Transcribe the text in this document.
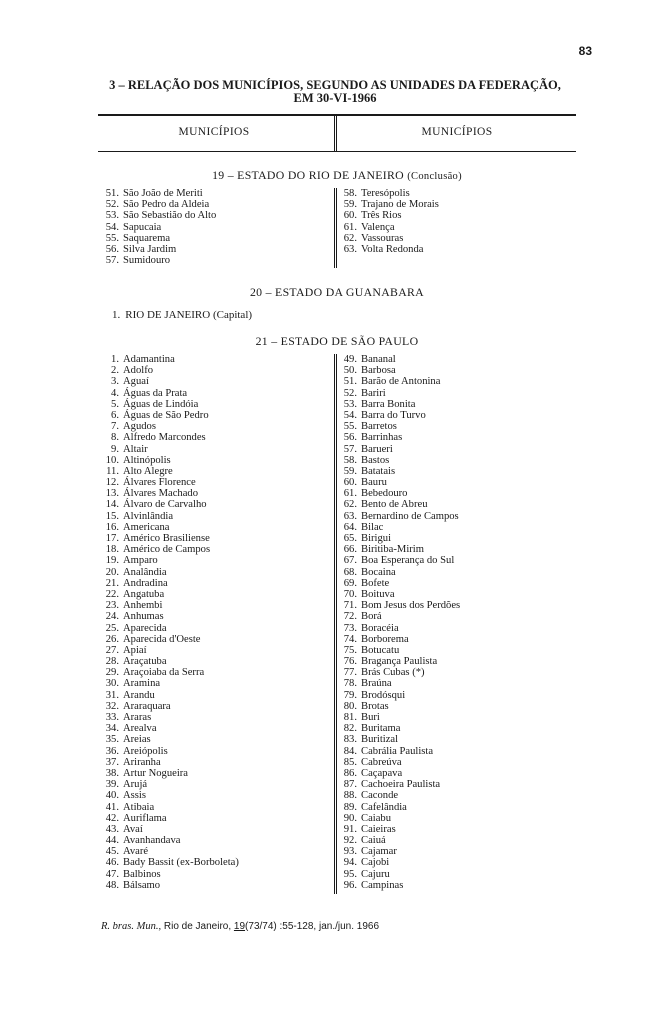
83
3 – RELAÇÃO DOS MUNICÍPIOS, SEGUNDO AS UNIDADES DA FEDERAÇÃO,
EM 30-VI-1966
MUNICÍPIOS	MUNICÍPIOS
19 – ESTADO DO RIO DE JANEIRO (Conclusão)
51. São João de Meriti
52. São Pedro da Aldeia
53. São Sebastião do Alto
54. Sapucaia
55. Saquarema
56. Silva Jardim
57. Sumidouro
58. Teresópolis
59. Trajano de Morais
60. Três Rios
61. Valença
62. Vassouras
63. Volta Redonda
20 – ESTADO DA GUANABARA
1. RIO DE JANEIRO (Capital)
21 – ESTADO DE SÃO PAULO
1. Adamantina
2. Adolfo
3. Aguaí
4. Águas da Prata
5. Águas de Lindóia
6. Águas de São Pedro
7. Agudos
8. Alfredo Marcondes
9. Altair
10. Altinópolis
11. Alto Alegre
12. Álvares Florence
13. Álvares Machado
14. Álvaro de Carvalho
15. Alvinlândia
16. Americana
17. Américo Brasiliense
18. Américo de Campos
19. Amparo
20. Analândia
21. Andradina
22. Angatuba
23. Anhembi
24. Anhumas
25. Aparecida
26. Aparecida d'Oeste
27. Apiaí
28. Araçatuba
29. Araçoiaba da Serra
30. Aramina
31. Arandu
32. Araraquara
33. Araras
34. Arealva
35. Areias
36. Areiópolis
37. Ariranha
38. Artur Nogueira
39. Arujá
40. Assis
41. Atibaia
42. Auriflama
43. Avaí
44. Avanhandava
45. Avaré
46. Bady Bassit (ex-Borboleta)
47. Balbinos
48. Bálsamo
49. Bananal
50. Barbosa
51. Barão de Antonina
52. Bariri
53. Barra Bonita
54. Barra do Turvo
55. Barretos
56. Barrinhas
57. Barueri
58. Bastos
59. Batatais
60. Bauru
61. Bebedouro
62. Bento de Abreu
63. Bernardino de Campos
64. Bilac
65. Birigui
66. Biritiba-Mirim
67. Boa Esperança do Sul
68. Bocaina
69. Bofete
70. Boituva
71. Bom Jesus dos Perdões
72. Borá
73. Boracéia
74. Borborema
75. Botucatu
76. Bragança Paulista
77. Brás Cubas (*)
78. Braúna
79. Brodósqui
80. Brotas
81. Buri
82. Buritama
83. Buritizal
84. Cabrália Paulista
85. Cabreúva
86. Caçapava
87. Cachoeira Paulista
88. Caconde
89. Cafelândia
90. Caiabu
91. Caieiras
92. Caiuá
93. Cajamar
94. Cajobi
95. Cajuru
96. Campinas
R. bras. Mun., Rio de Janeiro, 19(73/74) :55-128, jan./jun. 1966
